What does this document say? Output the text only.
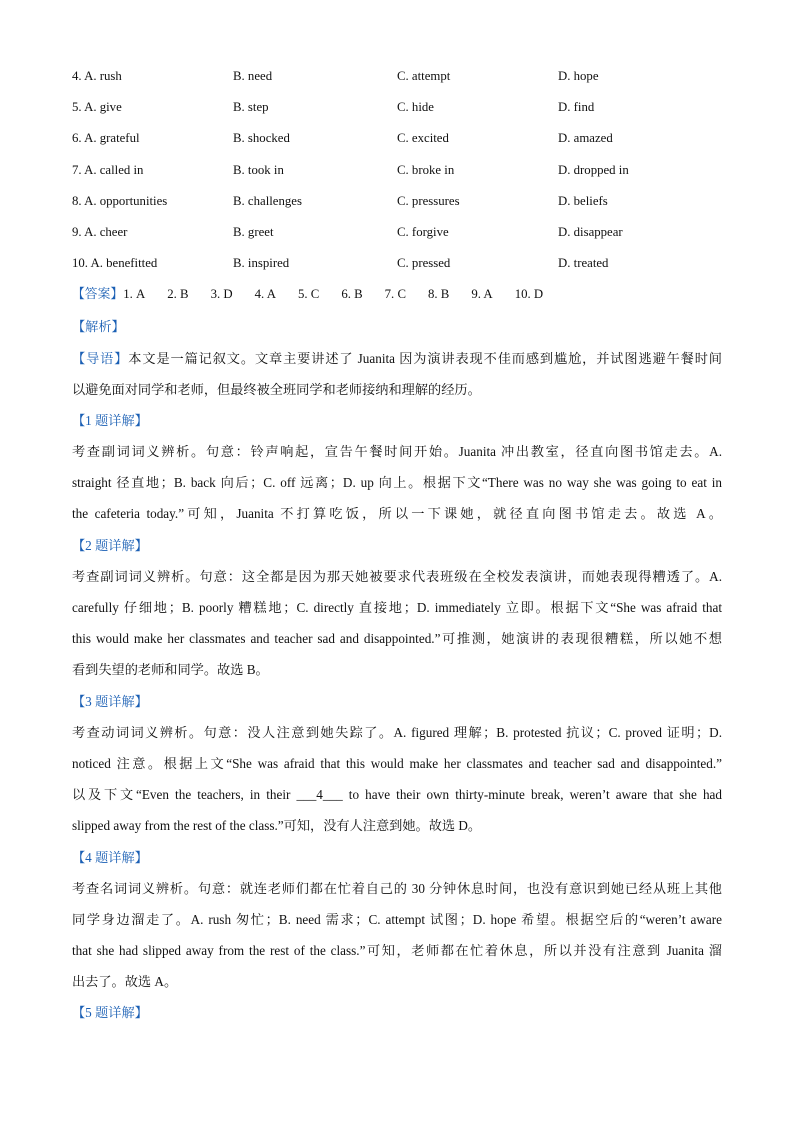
4. A. rush	B. need	C. attempt	D. hope
5. A. give	B. step	C. hide	D. find
6. A. grateful	B. shocked	C. excited	D. amazed
7. A. called in	B. took in	C. broke in	D. dropped in
8. A. opportunities	B. challenges	C. pressures	D. beliefs
9. A. cheer	B. greet	C. forgive	D. disappear
10. A. benefitted	B. inspired	C. pressed	D. treated
【答案】1. A 2. B 3. D 4. A 5. C 6. B 7. C 8. B 9. A 10. D
【解析】
【导语】本文是一篇记叙文。文章主要讲述了 Juanita 因为演讲表现不佳而感到尴尬，并试图逃避午餐时间
以避免面对同学和老师，但最终被全班同学和老师接纳和理解的经历。
【1 题详解】
考查副词词义辨析。句意：铃声响起，宣告午餐时间开始。Juanita 冲出教室，径直向图书馆走去。A.
straight 径直地；B. back 向后；C. off 远离；D. up 向上。根据下文“There was no way she was going to eat in
the cafeteria today.”可知，Juanita 不打算吃饭，所以一下课她，就径直向图书馆走去。故选 A。
【2 题详解】
考查副词词义辨析。句意：这全都是因为那天她被要求代表班级在全校发表演讲，而她表现得糟透了。A.
carefully 仔细地；B. poorly 糟糕地；C. directly 直接地；D. immediately 立即。根据下文“She was afraid that
this would make her classmates and teacher sad and disappointed.”可推测，她演讲的表现很糟糕，所以她不想
看到失望的老师和同学。故选 B。
【3 题详解】
考查动词词义辨析。句意：没人注意到她失踪了。A. figured 理解；B. protested 抗议；C. proved 证明；D.
noticed 注意。根据上文“She was afraid that this would make her classmates and teacher sad and disappointed.”
以及下文“Even the teachers, in their ___4___ to have their own thirty-minute break, weren’t aware that she had
slipped away from the rest of the class.”可知，没有人注意到她。故选 D。
【4 题详解】
考查名词词义辨析。句意：就连老师们都在忙着自己的 30 分钟休息时间，也没有意识到她已经从班上其他
同学身边溜走了。A. rush 匆忙；B. need 需求；C. attempt 试图；D. hope 希望。根据空后的“weren’t aware
that she had slipped away from the rest of the class.”可知，老师都在忙着休息，所以并没有注意到 Juanita 溜
出去了。故选 A。
【5 题详解】
